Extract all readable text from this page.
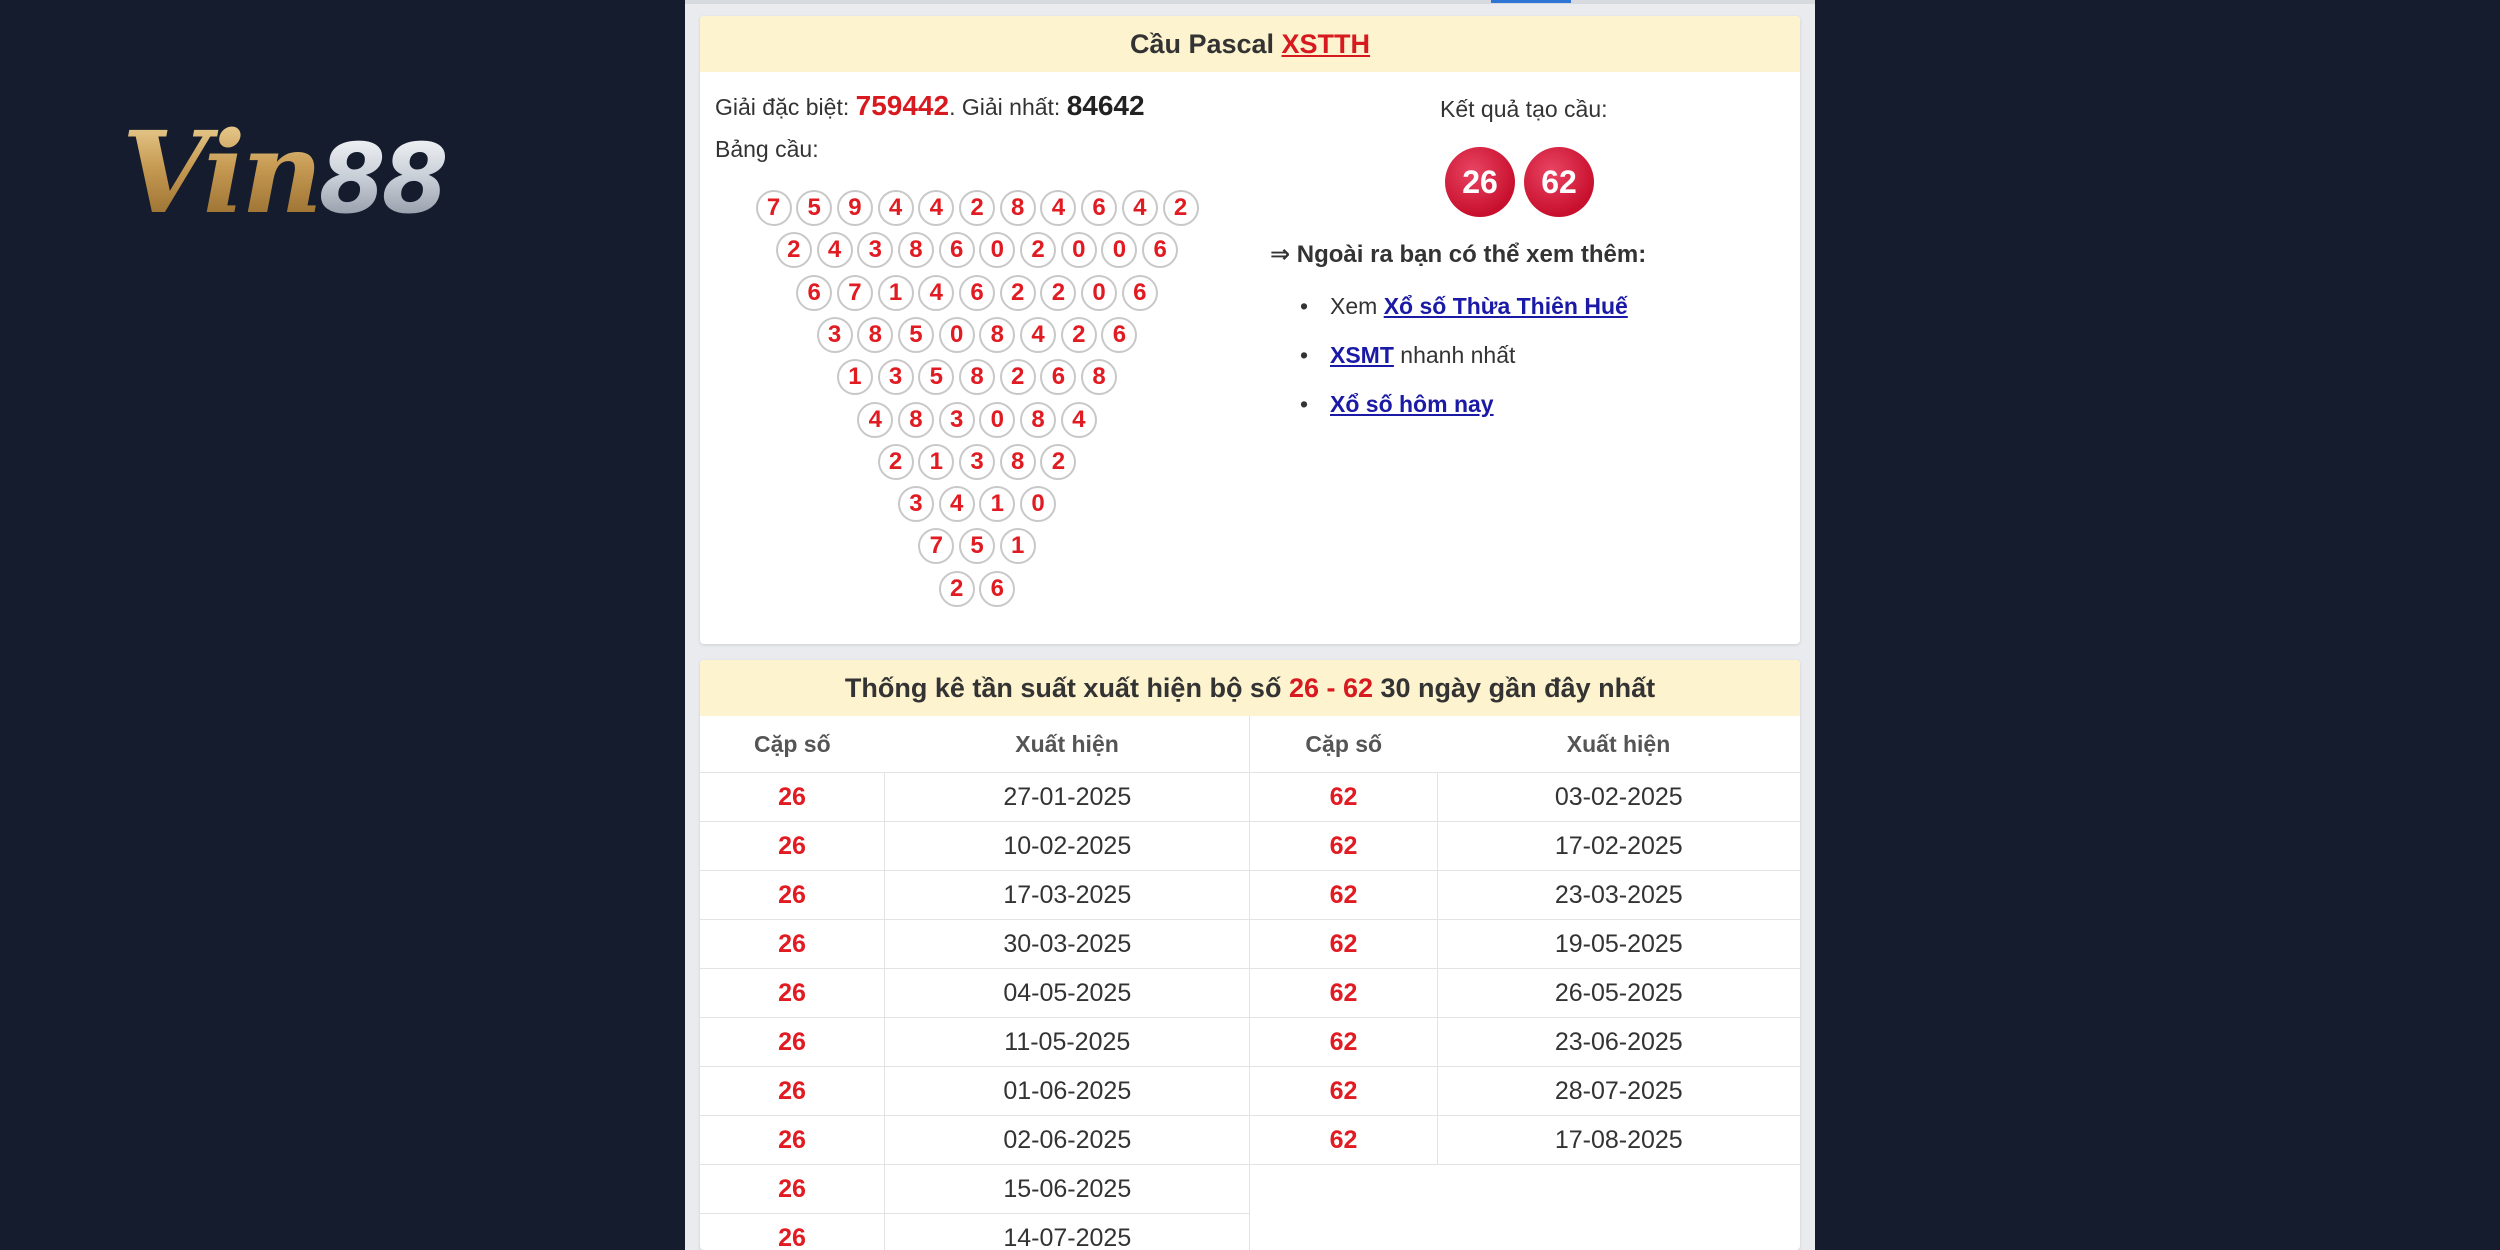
Vin88
Cầu Pascal XSTTH
Giải đặc biệt: 759442. Giải nhất: 84642
Bảng cầu:
7	5	9	4	4	2	8	4	6	4	2
2	4	3	8	6	0	2	0	0	6
6	7	1	4	6	2	2	0	6
3	8	5	0	8	4	2	6
1	3	5	8	2	6	8
4	8	3	0	8	4
2	1	3	8	2
3	4	1	0
7	5	1
2	6
Kết quả tạo cầu:
26	62
⇒ Ngoài ra bạn có thể xem thêm:
• Xem Xổ số Thừa Thiên Huế
• XSMT nhanh nhất
• Xổ số hôm nay
Thống kê tần suất xuất hiện bộ số 26 - 62 30 ngày gần đây nhất
Cặp số	Xuất hiện	Cặp số	Xuất hiện
26	27-01-2025	62	03-02-2025
26	10-02-2025	62	17-02-2025
26	17-03-2025	62	23-03-2025
26	30-03-2025	62	19-05-2025
26	04-05-2025	62	26-05-2025
26	11-05-2025	62	23-06-2025
26	01-06-2025	62	28-07-2025
26	02-06-2025	62	17-08-2025
26	15-06-2025		
26	14-07-2025		
